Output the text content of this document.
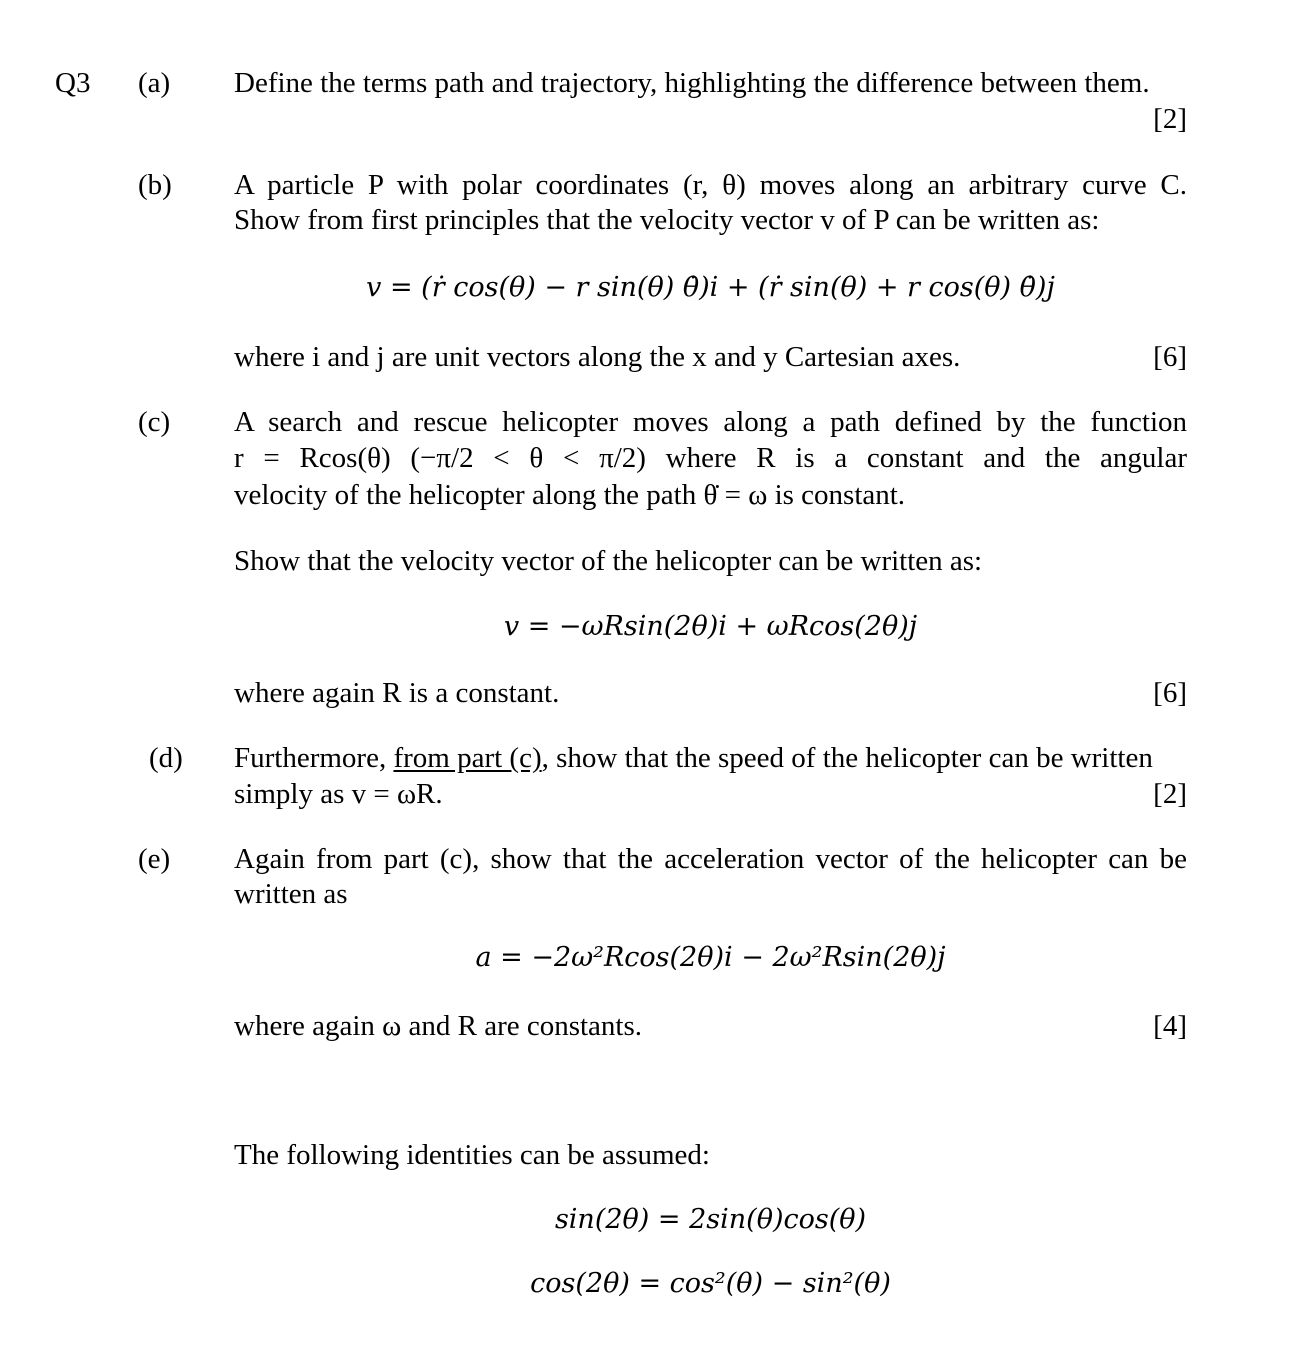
Q3 (a) Define the terms path and trajectory, highlighting the difference between them.
[2]
(b) A particle P with polar coordinates (r, θ) moves along an arbitrary curve C.
Show from first principles that the velocity vector v of P can be written as:
v = (ṙ cos(θ) − r sin(θ) θ̇)i + (ṙ sin(θ) + r cos(θ) θ̇)j
where i and j are unit vectors along the x and y Cartesian axes.	[6]
(c) A search and rescue helicopter moves along a path defined by the function
r = Rcos(θ) (−π/2 < θ < π/2) where R is a constant and the angular
velocity of the helicopter along the path θ̇ = ω is constant.
Show that the velocity vector of the helicopter can be written as:
v = −ωRsin(2θ)i + ωRcos(2θ)j
where again R is a constant.	[6]
(d) Furthermore, from part (c), show that the speed of the helicopter can be written
simply as v = ωR.	[2]
(e) Again from part (c), show that the acceleration vector of the helicopter can be
written as
a = −2ω²Rcos(2θ)i − 2ω²Rsin(2θ)j
where again ω and R are constants.	[4]
The following identities can be assumed:
sin(2θ) = 2sin(θ)cos(θ)
cos(2θ) = cos²(θ) − sin²(θ)
